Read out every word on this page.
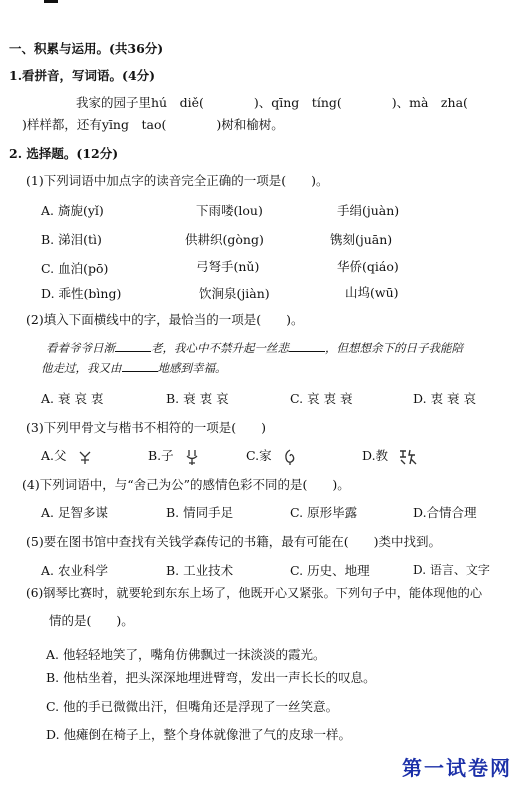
一、积累与运用。(共36分)
1.看拼音，写词语。(4分)
我家的园子里hú　diě(　　　　)、qīng　tíng(　　　　)、mà　zha(
)样样都，还有yīng　tao(　　　　)树和榆树。
2. 选择题。(12分)
(1)下列词语中加点字的读音完全正确的一项是(　　)。
A. 旖旎(yǐ)	下雨喽(lou)	手绢(juàn)
B. 涕泪(tì)	供耕织(gòng)	镌刻(juān)
C. 血泊(pō)	弓弩手(nǔ)	华侨(qiáo)
D. 乖性(bìng)	饮涧泉(jiàn)	山坞(wū)
(2)填入下面横线中的字，最恰当的一项是(　　)。
看着爷爷日渐	老，我心中不禁升起一丝悲	，但想想余下的日子我能陪
他走过，我又由	地感到幸福。
A. 衰 哀 衷	B. 衰 衷 哀	C. 哀 衷 衰	D. 衷 衰 哀
(3)下列甲骨文与楷书不相符的一项是(　　)
A.父	B.子	C.家	D.教
(4)下列词语中，与“舍己为公”的感情色彩不同的是(　　)。
A. 足智多谋	B. 情同手足	C. 原形毕露	D.合情合理
(5)要在图书馆中查找有关钱学森传记的书籍，最有可能在(　　)类中找到。
A. 农业科学	B. 工业技术	C. 历史、地理	D. 语言、文字
(6)钢琴比赛时，就要轮到东东上场了，他既开心又紧张。下列句子中，能体现他的心
情的是(　　)。
A. 他轻轻地笑了，嘴角仿佛飘过一抹淡淡的霞光。
B. 他枯坐着，把头深深地埋进臂弯，发出一声长长的叹息。
C. 他的手已微微出汗，但嘴角还是浮现了一丝笑意。
D. 他瘫倒在椅子上，整个身体就像泄了气的皮球一样。
第一试卷网
